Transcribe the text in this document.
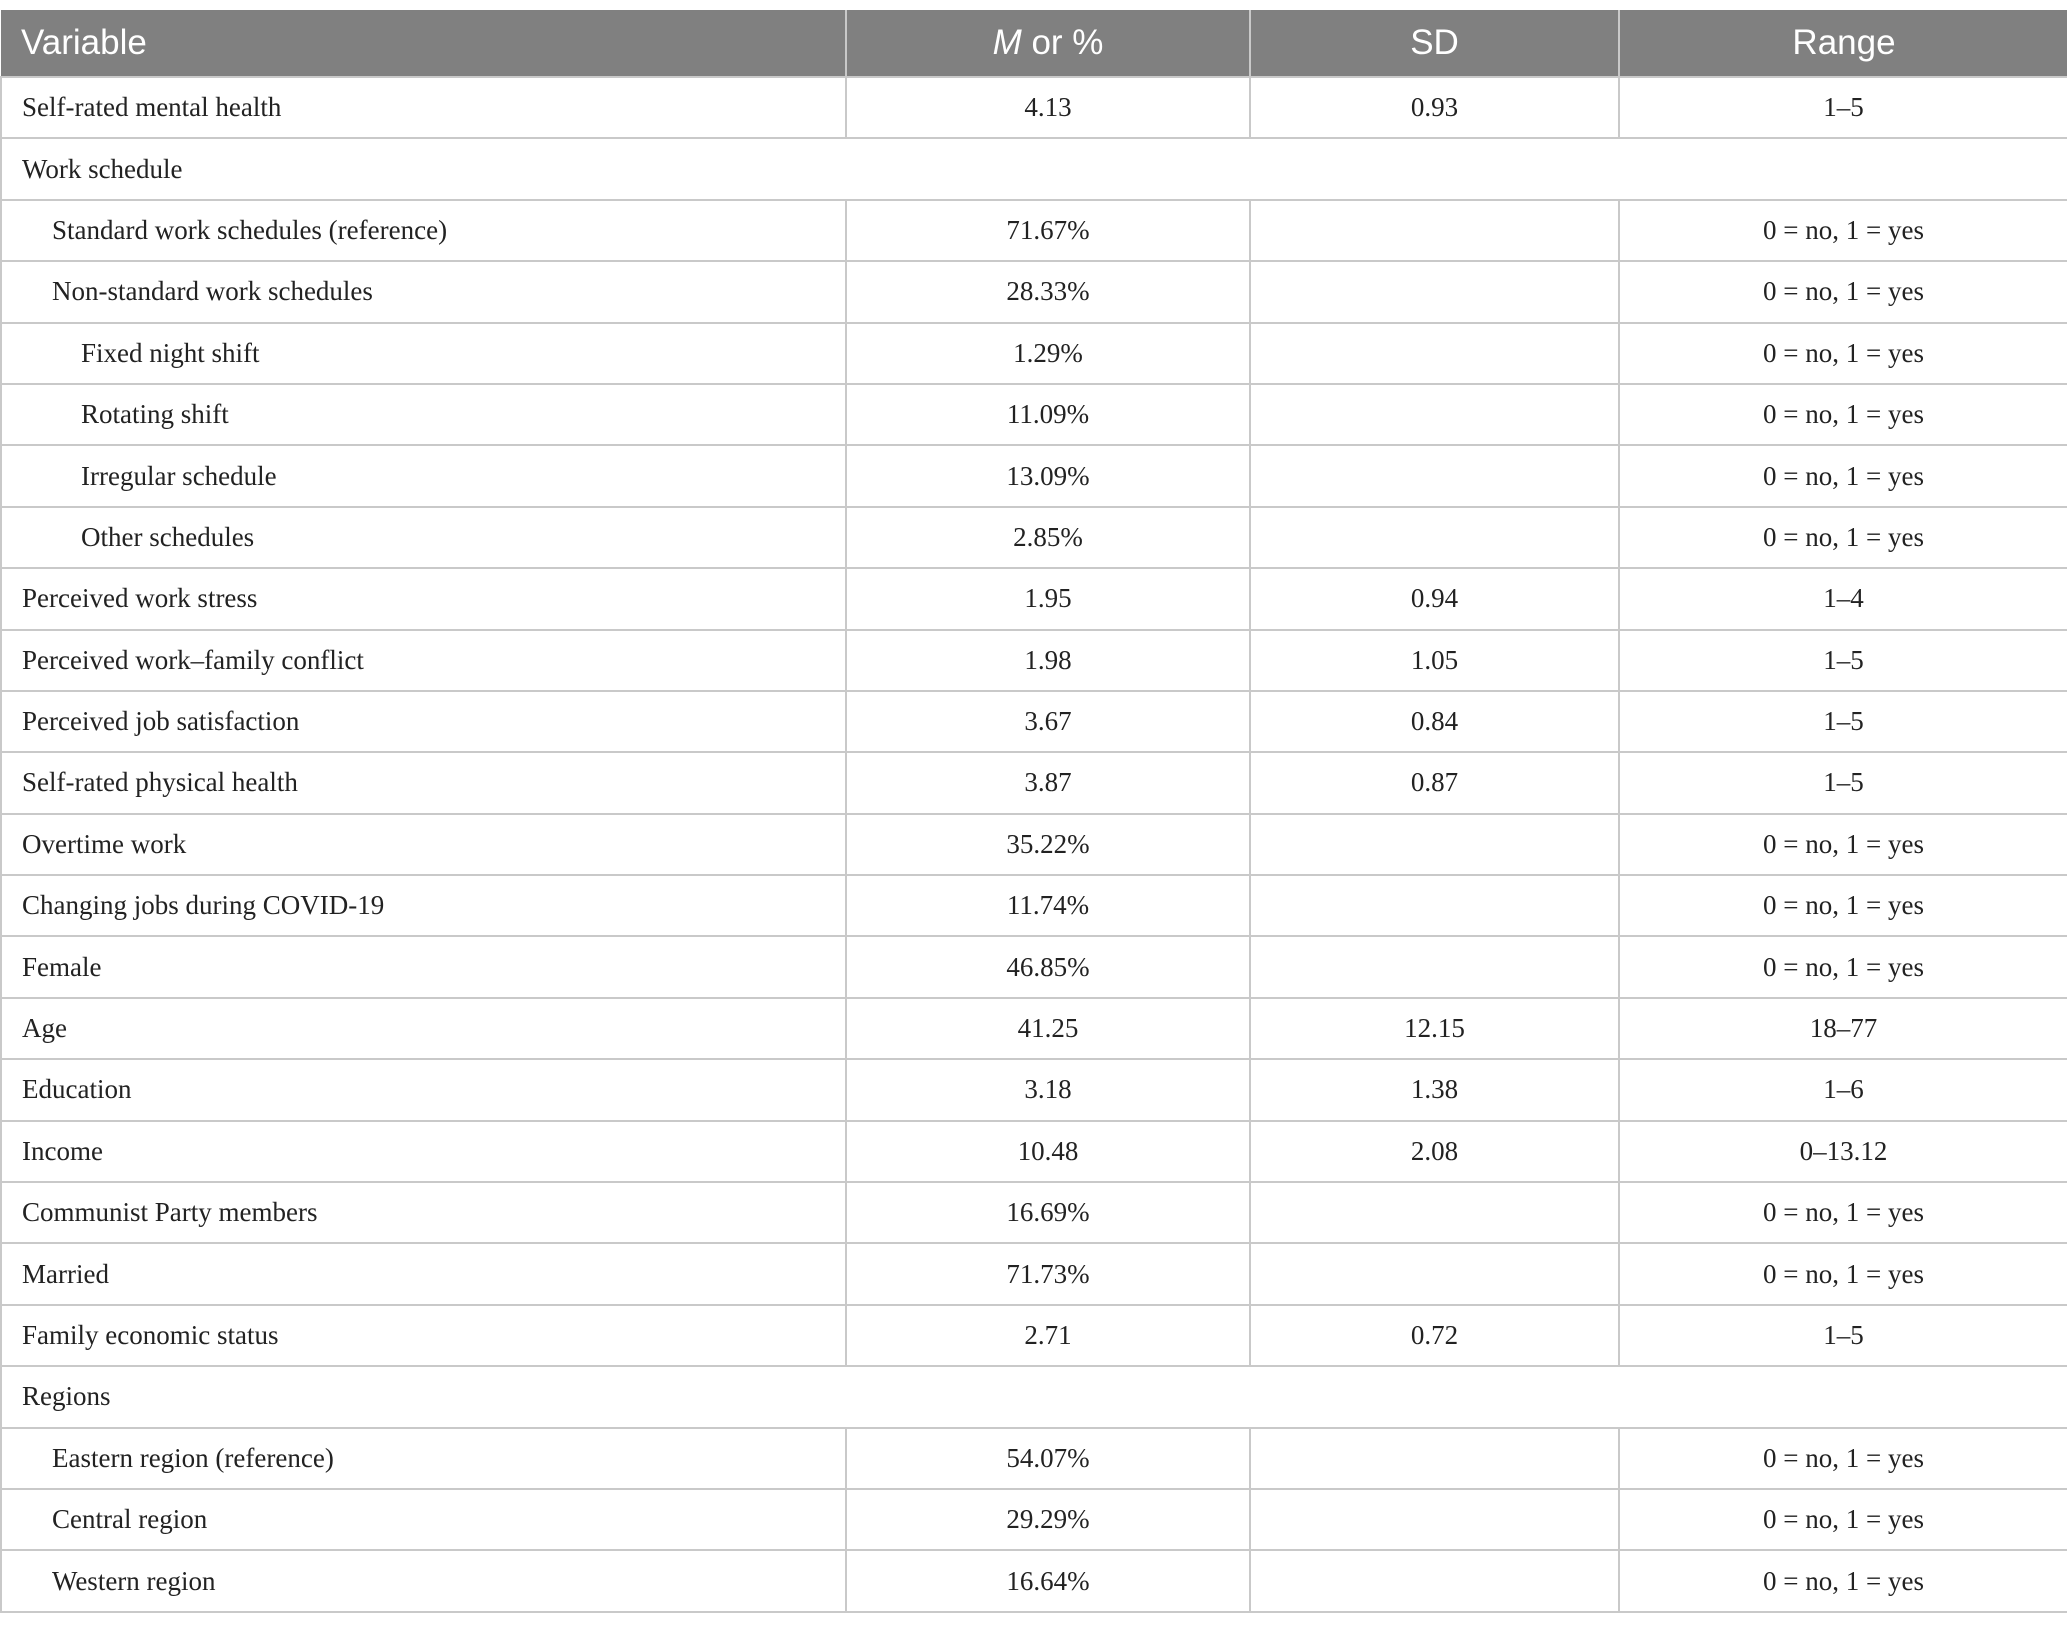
Variable	M or %	SD	Range
Self-rated mental health	4.13	0.93	1–5
Work schedule			
Standard work schedules (reference)	71.67%		0 = no, 1 = yes
Non-standard work schedules	28.33%		0 = no, 1 = yes
Fixed night shift	1.29%		0 = no, 1 = yes
Rotating shift	11.09%		0 = no, 1 = yes
Irregular schedule	13.09%		0 = no, 1 = yes
Other schedules	2.85%		0 = no, 1 = yes
Perceived work stress	1.95	0.94	1–4
Perceived work–family conflict	1.98	1.05	1–5
Perceived job satisfaction	3.67	0.84	1–5
Self-rated physical health	3.87	0.87	1–5
Overtime work	35.22%		0 = no, 1 = yes
Changing jobs during COVID-19	11.74%		0 = no, 1 = yes
Female	46.85%		0 = no, 1 = yes
Age	41.25	12.15	18–77
Education	3.18	1.38	1–6
Income	10.48	2.08	0–13.12
Communist Party members	16.69%		0 = no, 1 = yes
Married	71.73%		0 = no, 1 = yes
Family economic status	2.71	0.72	1–5
Regions			
Eastern region (reference)	54.07%		0 = no, 1 = yes
Central region	29.29%		0 = no, 1 = yes
Western region	16.64%		0 = no, 1 = yes
